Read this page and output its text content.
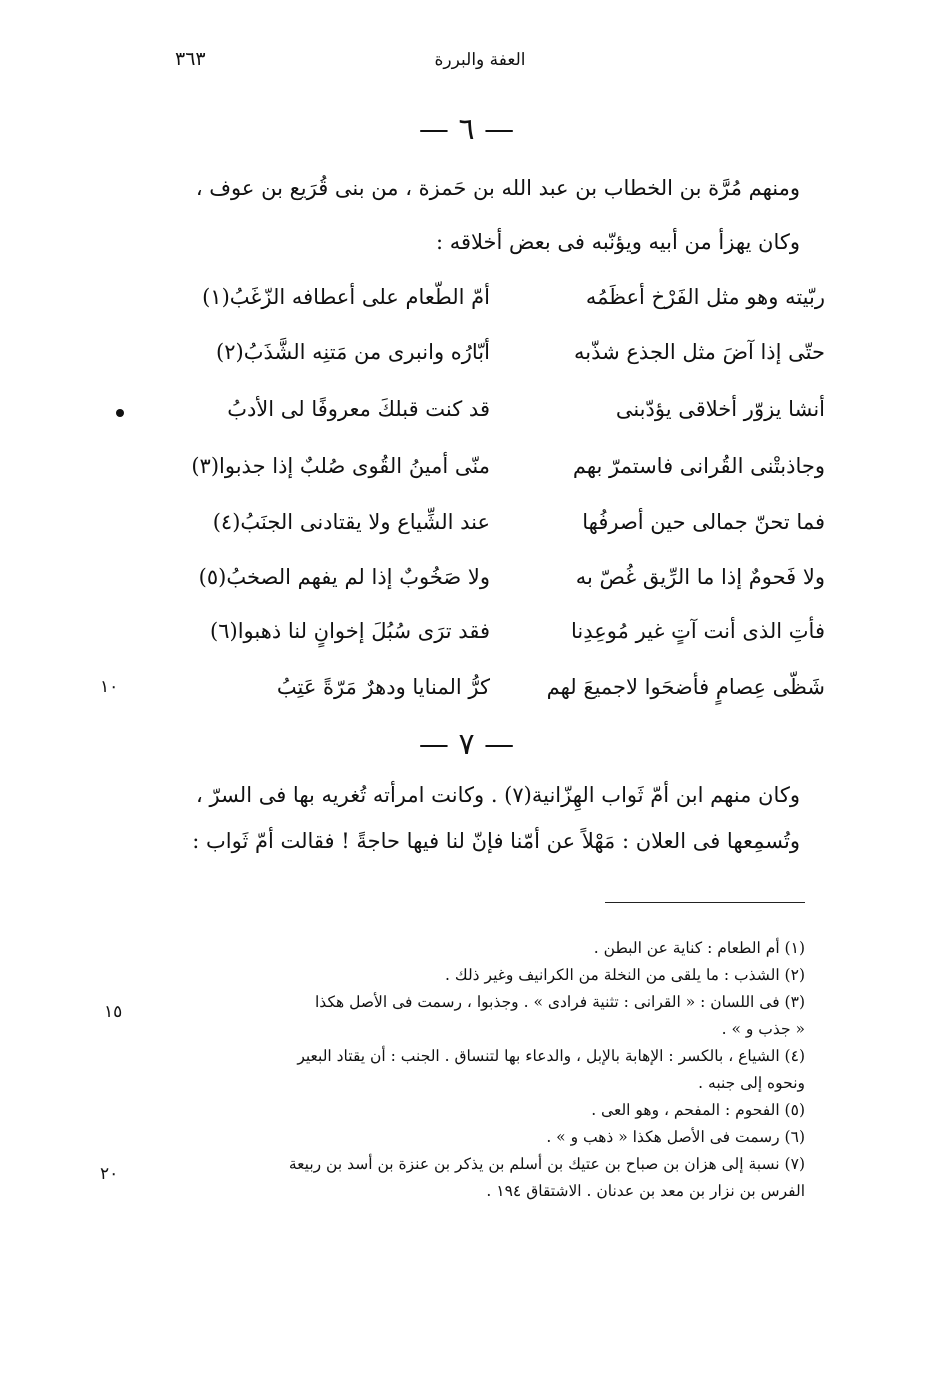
العفة والبررة
٣٦٣
— ٦ —

ومنهم مُرَّة بن الخطاب بن عبد الله بن حَمزة ، من بنى قُرَيع بن عوف ،

وكان يهزأ من أبيه ويؤنّبه فى بعض أخلاقه :

ربّيته وهو مثل الفَرْخ أعظَمُه
أمّ الطّعام على أعطافه الزّغَبُ(١)
حتّى إذا آضَ مثل الجذع شذّبه
أبّارُه وانبرى من مَتنِه الشَّذَبُ(٢)
أنشا يزوّر أخلاقى يؤدّبنى
قد كنت قبلكَ معروفًا لى الأدبُ
وجاذبتْنى القُرانى فاستمرّ بهم
منّى أمينُ القُوى صُلبٌ إذا جذبوا(٣)
فما تحنّ جمالى حين أصرفُها
عند الشِّياع ولا يقتادنى الجنَبُ(٤)
ولا فَحومٌ إذا ما الرِّيق غُصّ به
ولا صَخُوبٌ إذا لم يفهم الصخبُ(٥)
فأتِ الذى أنت آتٍ غير مُوعِدِنا
فقد ترَى سُبُلَ إخوانٍ لنا ذهبوا(٦)
شَظّى عِصامٍ فأضحَوا لاجميعَ لهم
كرُّ المنايا ودهرٌ مَرّةً عَتِبُ
١٠
— ٧ —

وكان منهم ابن أمّ ثَواب الهِزّانية(٧) . وكانت امرأته تُغريه بها فى السرّ ،

وتُسمِعها فى العلان : مَهْلاً عن أمّنا فإنّ لنا فيها حاجةً ! فقالت أمّ ثَواب :

(١) أم الطعام : كناية عن البطن .

(٢) الشذب : ما يلقى من النخلة من الكرانيف وغير ذلك .

(٣) فى اللسان : « القرانى : تثنية فرادى » . وجذبوا ، رسمت فى الأصل هكذا

« جذب و » .

(٤) الشياع ، بالكسر : الإهابة بالإبل ، والدعاء بها لتنساق . الجنب : أن يقتاد البعير

ونحوه إلى جنبه .

(٥) الفحوم : المفحم ، وهو العى .

(٦) رسمت فى الأصل هكذا « ذهب و » .

(٧) نسبة إلى هزان بن صباح بن عتيك بن أسلم بن يذكر بن عنزة بن أسد بن ربيعة

الفرس بن نزار بن معد بن عدنان . الاشتقاق ١٩٤ .

١٥
٢٠
